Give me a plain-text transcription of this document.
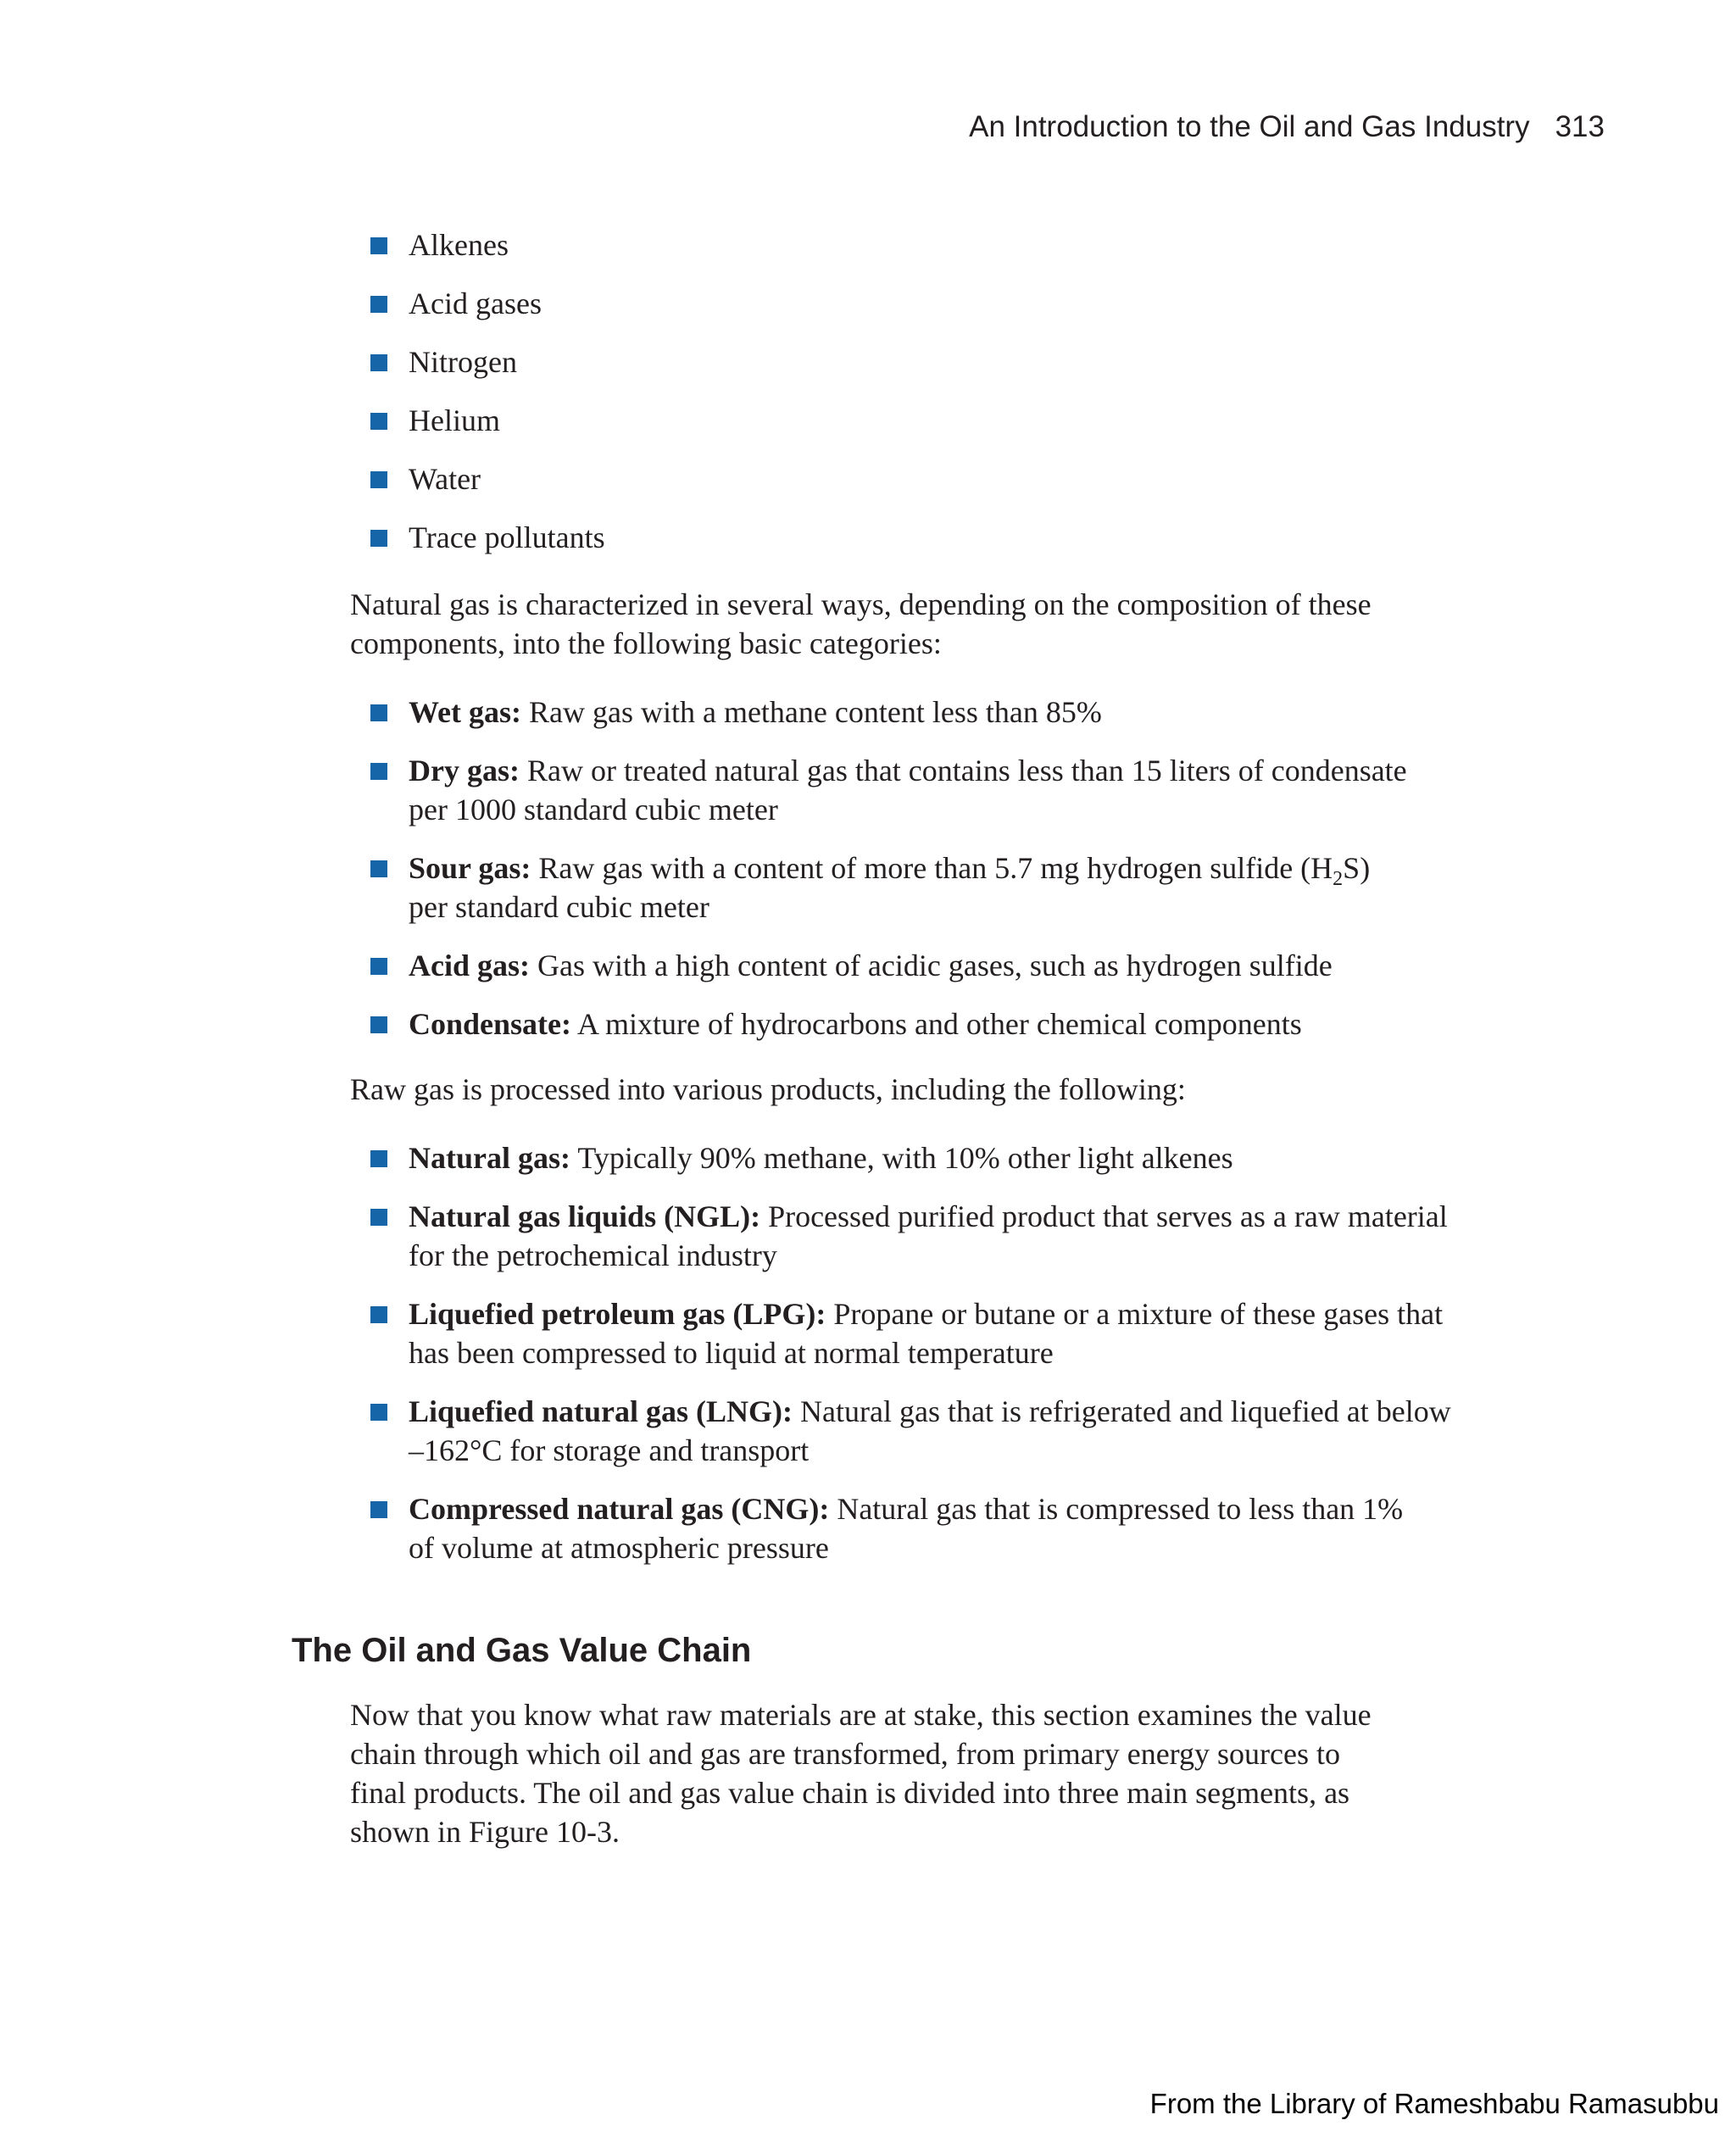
An Introduction to the Oil and Gas Industry 313
Alkenes
Acid gases
Nitrogen
Helium
Water
Trace pollutants

Natural gas is characterized in several ways, depending on the composition of these
components, into the following basic categories:

Wet gas: Raw gas with a methane content less than 85%
Dry gas: Raw or treated natural gas that contains less than 15 liters of condensate
per 1000 standard cubic meter
Sour gas: Raw gas with a content of more than 5.7 mg hydrogen sulfide $(H_2S)$
per standard cubic meter
Acid gas: Gas with a high content of acidic gases, such as hydrogen sulfide
Condensate: A mixture of hydrocarbons and other chemical components

Raw gas is processed into various products, including the following:

Natural gas: Typically 90% methane, with 10% other light alkenes
Natural gas liquids (NGL): Processed purified product that serves as a raw material
for the petrochemical industry
Liquefied petroleum gas (LPG): Propane or butane or a mixture of these gases that
has been compressed to liquid at normal temperature
Liquefied natural gas (LNG): Natural gas that is refrigerated and liquefied at below
–162°C for storage and transport
Compressed natural gas (CNG): Natural gas that is compressed to less than 1%
of volume at atmospheric pressure
The Oil and Gas Value Chain

Now that you know what raw materials are at stake, this section examines the value
chain through which oil and gas are transformed, from primary energy sources to
final products. The oil and gas value chain is divided into three main segments, as
shown in Figure 10-3.

From the Library of Rameshbabu Ramasubbu
